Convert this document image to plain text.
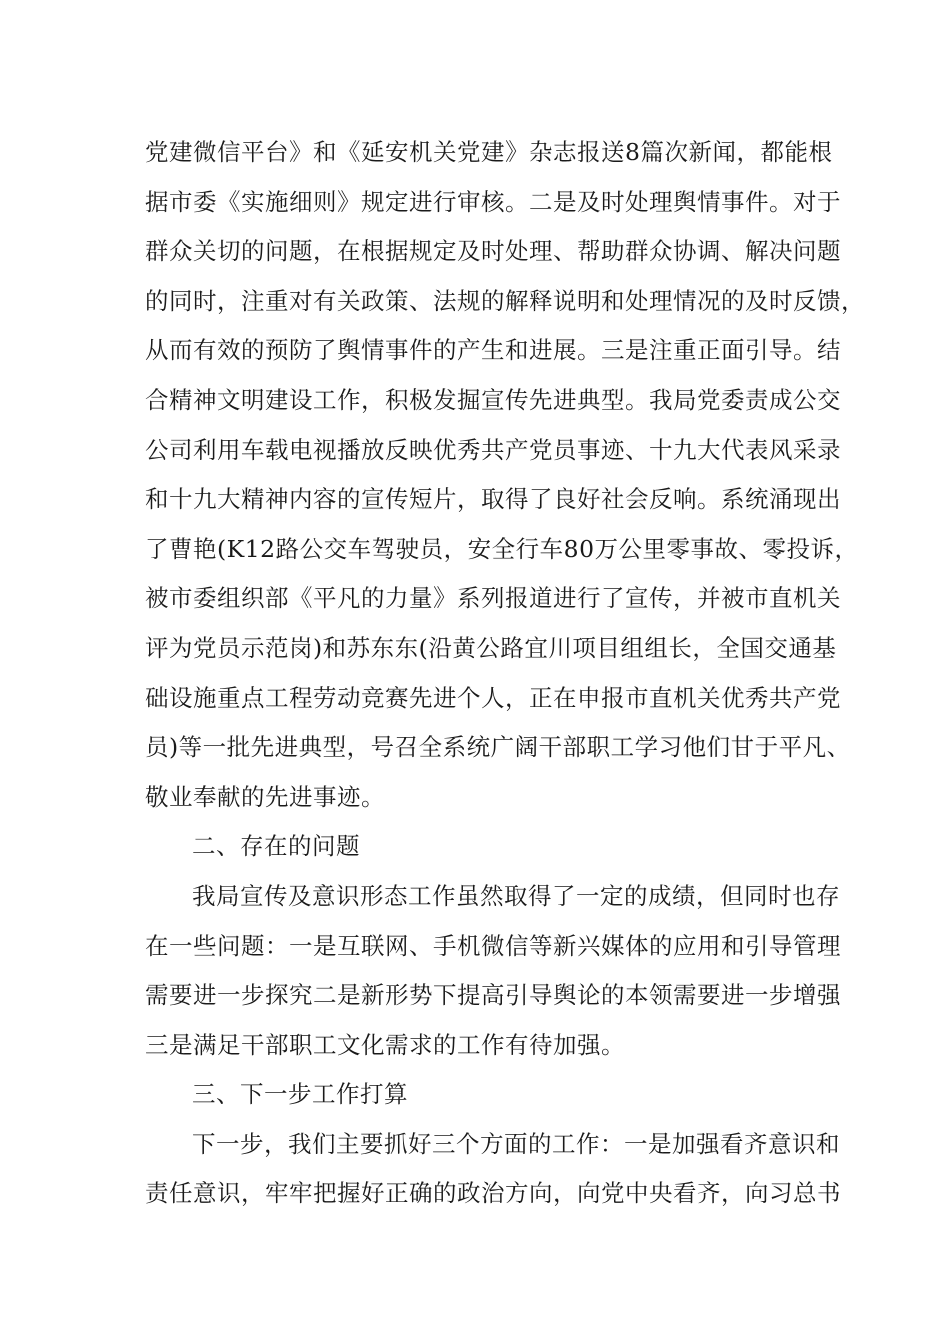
党建微信平台》和《延安机关党建》杂志报送8篇次新闻，都能根
据市委《实施细则》规定进行审核。二是及时处理舆情事件。对于
群众关切的问题，在根据规定及时处理、帮助群众协调、解决问题
的同时，注重对有关政策、法规的解释说明和处理情况的及时反馈，
从而有效的预防了舆情事件的产生和进展。三是注重正面引导。结
合精神文明建设工作，积极发掘宣传先进典型。我局党委责成公交
公司利用车载电视播放反映优秀共产党员事迹、十九大代表风采录
和十九大精神内容的宣传短片，取得了良好社会反响。系统涌现出
了曹艳(K12路公交车驾驶员，安全行车80万公里零事故、零投诉，
被市委组织部《平凡的力量》系列报道进行了宣传，并被市直机关
评为党员示范岗)和苏东东(沿黄公路宜川项目组组长，全国交通基
础设施重点工程劳动竞赛先进个人，正在申报市直机关优秀共产党
员)等一批先进典型，号召全系统广阔干部职工学习他们甘于平凡、
敬业奉献的先进事迹。
二、存在的问题
我局宣传及意识形态工作虽然取得了一定的成绩，但同时也存
在一些问题：一是互联网、手机微信等新兴媒体的应用和引导管理
需要进一步探究二是新形势下提高引导舆论的本领需要进一步增强
三是满足干部职工文化需求的工作有待加强。
三、下一步工作打算
下一步，我们主要抓好三个方面的工作：一是加强看齐意识和
责任意识，牢牢把握好正确的政治方向，向党中央看齐，向习总书
